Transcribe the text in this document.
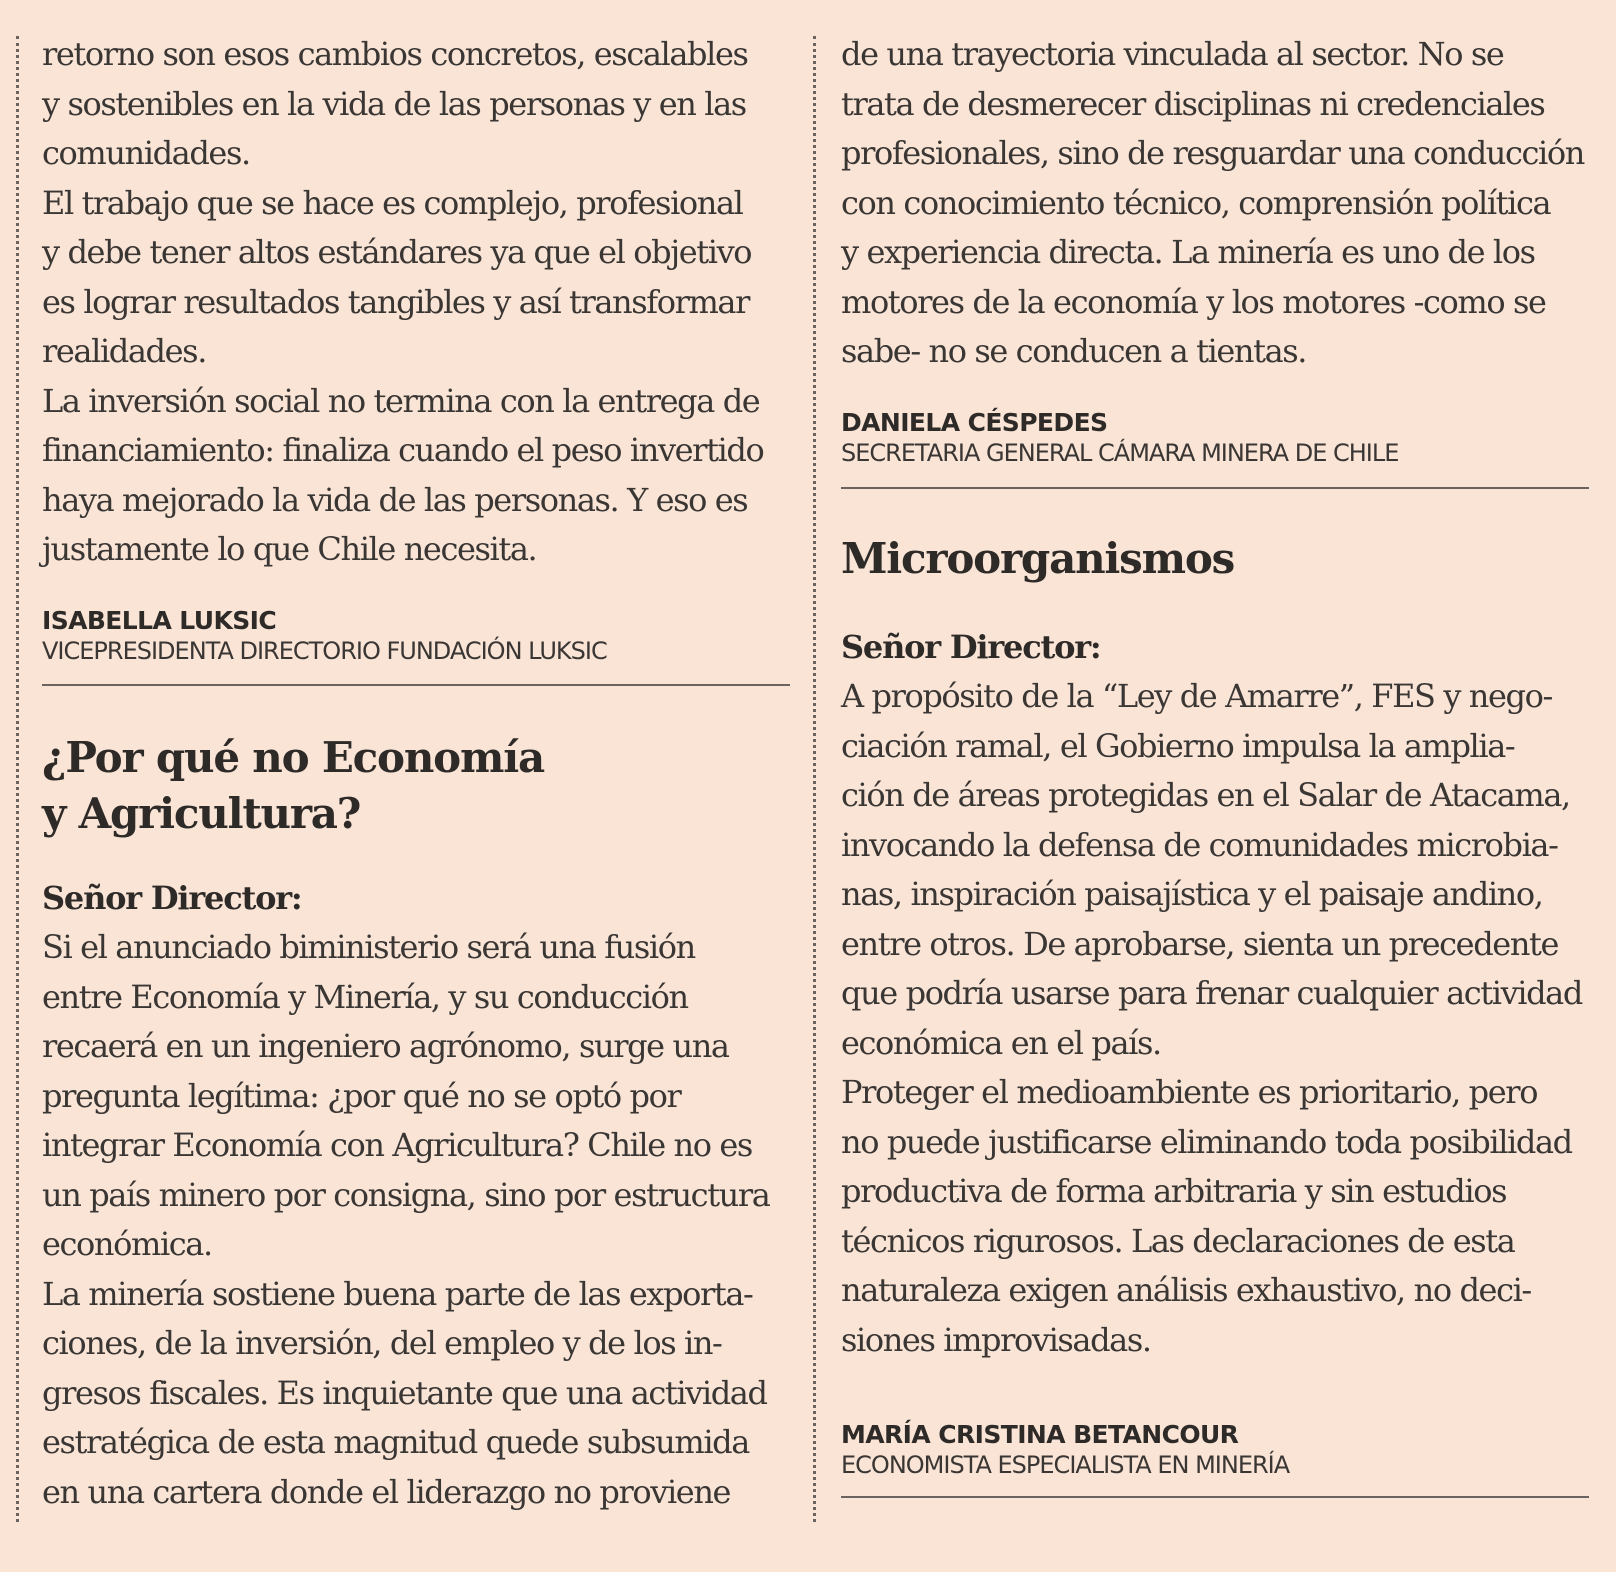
retorno son esos cambios concretos, escalables
y sostenibles en la vida de las personas y en las
comunidades.
El trabajo que se hace es complejo, profesional
y debe tener altos estándares ya que el objetivo
es lograr resultados tangibles y así transformar
realidades.
La inversión social no termina con la entrega de
financiamiento: finaliza cuando el peso invertido
haya mejorado la vida de las personas. Y eso es
justamente lo que Chile necesita.
ISABELLA LUKSIC
VICEPRESIDENTA DIRECTORIO FUNDACIÓN LUKSIC
¿Por qué no Economía
y Agricultura?
Señor Director:
Si el anunciado biministerio será una fusión
entre Economía y Minería, y su conducción
recaerá en un ingeniero agrónomo, surge una
pregunta legítima: ¿por qué no se optó por
integrar Economía con Agricultura? Chile no es
un país minero por consigna, sino por estructura
económica.
La minería sostiene buena parte de las exporta-
ciones, de la inversión, del empleo y de los in-
gresos fiscales. Es inquietante que una actividad
estratégica de esta magnitud quede subsumida
en una cartera donde el liderazgo no proviene
de una trayectoria vinculada al sector. No se
trata de desmerecer disciplinas ni credenciales
profesionales, sino de resguardar una conducción
con conocimiento técnico, comprensión política
y experiencia directa. La minería es uno de los
motores de la economía y los motores -como se
sabe- no se conducen a tientas.
DANIELA CÉSPEDES
SECRETARIA GENERAL CÁMARA MINERA DE CHILE
Microorganismos
Señor Director:
A propósito de la “Ley de Amarre”, FES y nego-
ciación ramal, el Gobierno impulsa la amplia-
ción de áreas protegidas en el Salar de Atacama,
invocando la defensa de comunidades microbia-
nas, inspiración paisajística y el paisaje andino,
entre otros. De aprobarse, sienta un precedente
que podría usarse para frenar cualquier actividad
económica en el país.
Proteger el medioambiente es prioritario, pero
no puede justificarse eliminando toda posibilidad
productiva de forma arbitraria y sin estudios
técnicos rigurosos. Las declaraciones de esta
naturaleza exigen análisis exhaustivo, no deci-
siones improvisadas.
MARÍA CRISTINA BETANCOUR
ECONOMISTA ESPECIALISTA EN MINERÍA
